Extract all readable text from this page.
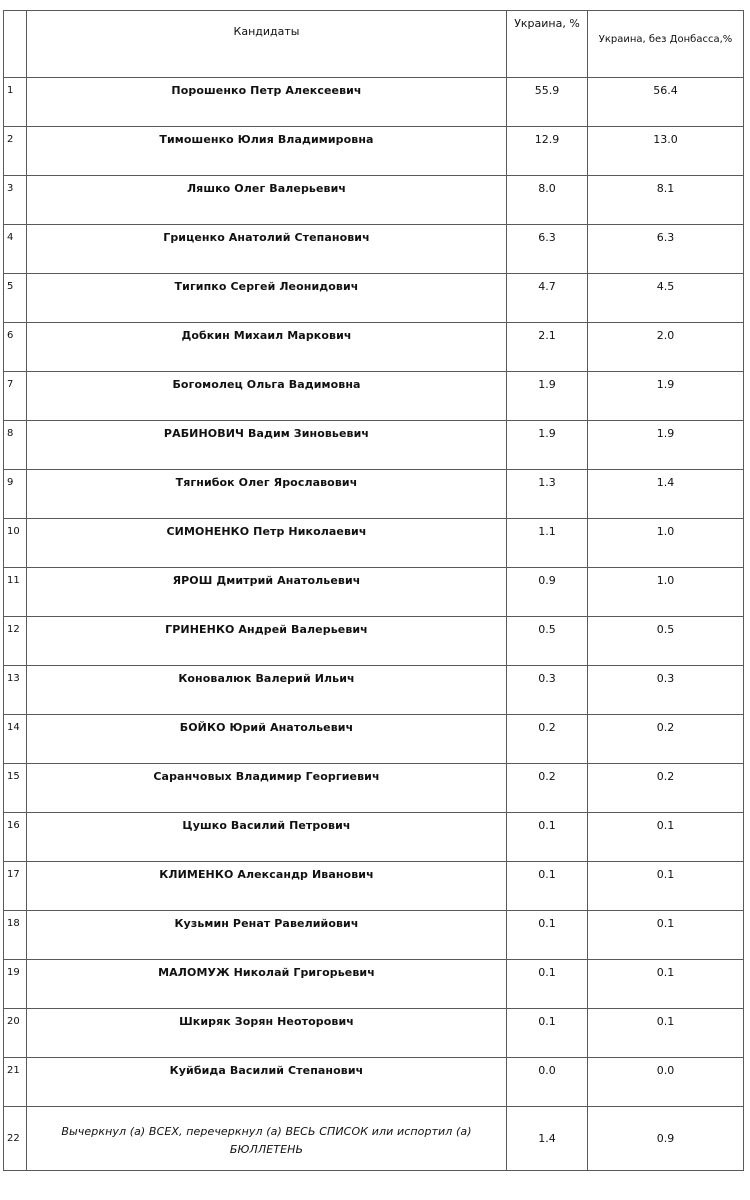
	Кандидаты	Украина, %	Украина, без Донбасса,%
1	Порошенко Петр Алексеевич	55.9	56.4
2	Тимошенко Юлия Владимировна	12.9	13.0
3	Ляшко Олег Валерьевич	8.0	8.1
4	Гриценко Анатолий Степанович	6.3	6.3
5	Тигипко Сергей Леонидович	4.7	4.5
6	Добкин Михаил Маркович	2.1	2.0
7	Богомолец Ольга Вадимовна	1.9	1.9
8	РАБИНОВИЧ Вадим Зиновьевич	1.9	1.9
9	Тягнибок Олег Ярославович	1.3	1.4
10	СИМОНЕНКО Петр Николаевич	1.1	1.0
11	ЯРОШ Дмитрий Анатольевич	0.9	1.0
12	ГРИНЕНКО Андрей Валерьевич	0.5	0.5
13	Коновалюк Валерий Ильич	0.3	0.3
14	БОЙКО Юрий Анатольевич	0.2	0.2
15	Саранчовых Владимир Георгиевич	0.2	0.2
16	Цушко Василий Петрович	0.1	0.1
17	КЛИМЕНКО Александр Иванович	0.1	0.1
18	Кузьмин Ренат Равелийович	0.1	0.1
19	МАЛОМУЖ Николай Григорьевич	0.1	0.1
20	Шкиряк Зорян Неоторович	0.1	0.1
21	Куйбида Василий Степанович	0.0	0.0
22	Вычеркнул (а) ВСЕХ, перечеркнул (а) ВЕСЬ СПИСОК или испортил (а) БЮЛЛЕТЕНЬ	1.4	0.9
